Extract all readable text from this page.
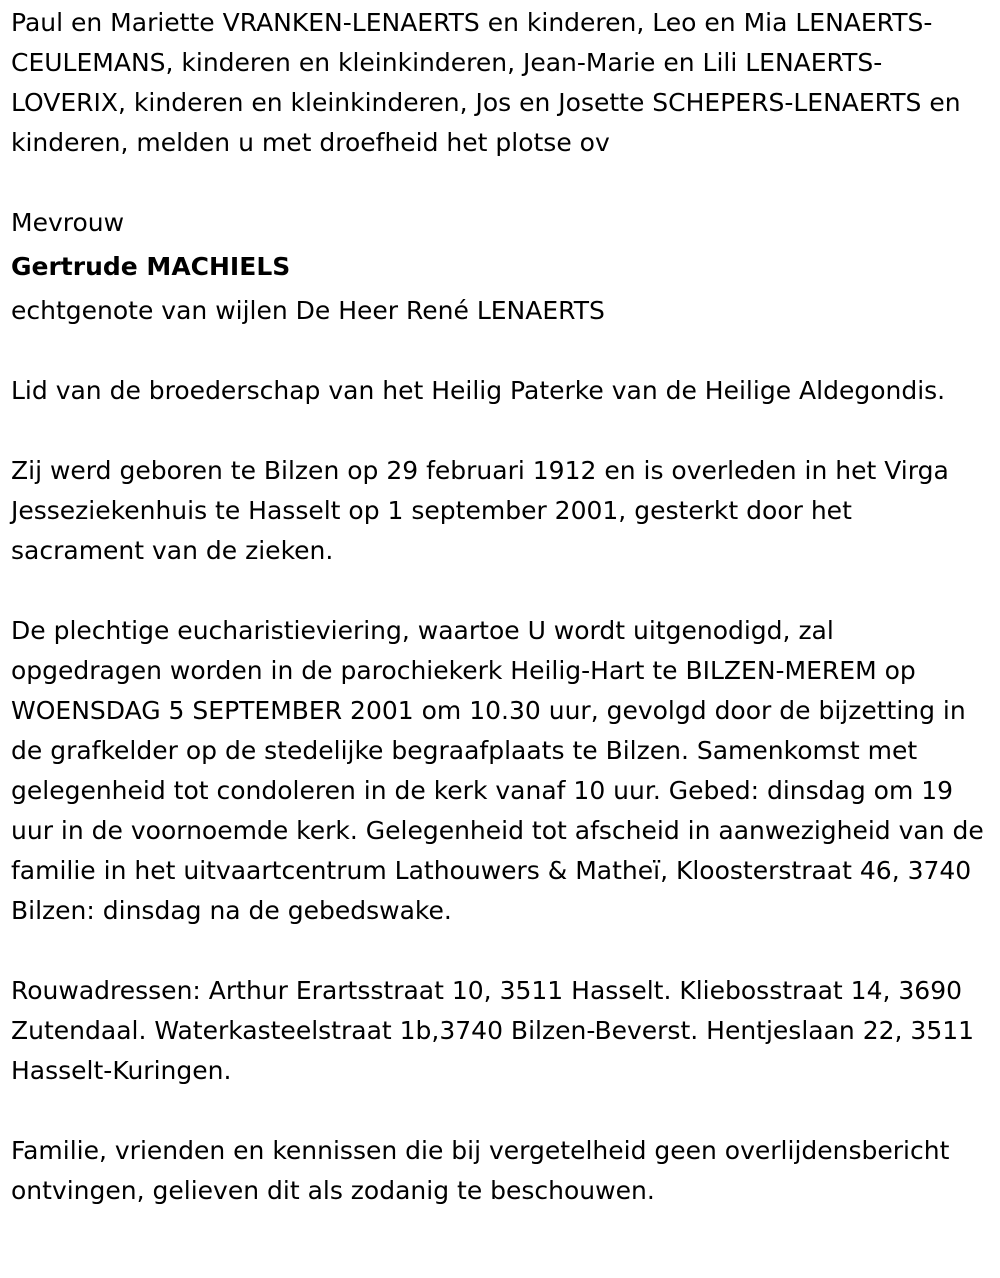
Paul en Mariette VRANKEN-LENAERTS en kinderen, Leo en Mia LENAERTS-CEULEMANS, kinderen en kleinkinderen, Jean-Marie en Lili LENAERTS-LOVERIX, kinderen en kleinkinderen, Jos en Josette SCHEPERS-LENAERTS en kinderen, melden u met droefheid het plotse ov

Mevrouw

Gertrude MACHIELS

echtgenote van wijlen De Heer René LENAERTS

Lid van de broederschap van het Heilig Paterke van de Heilige Aldegondis.

Zij werd geboren te Bilzen op 29 februari 1912 en is overleden in het Virga Jesseziekenhuis te Hasselt op 1 september 2001, gesterkt door het sacrament van de zieken.

De plechtige eucharistieviering, waartoe U wordt uitgenodigd, zal opgedragen worden in de parochiekerk Heilig-Hart te BILZEN-MEREM op WOENSDAG 5 SEPTEMBER 2001 om 10.30 uur, gevolgd door de bijzetting in de grafkelder op de stedelijke begraafplaats te Bilzen. Samenkomst met gelegenheid tot condoleren in de kerk vanaf 10 uur. Gebed: dinsdag om 19 uur in de voornoemde kerk. Gelegenheid tot afscheid in aanwezigheid van de familie in het uitvaartcentrum Lathouwers & Matheï, Kloosterstraat 46, 3740 Bilzen: dinsdag na de gebedswake.

Rouwadressen: Arthur Erartsstraat 10, 3511 Hasselt. Kliebosstraat 14, 3690 Zutendaal. Waterkasteelstraat 1b,3740 Bilzen-Beverst. Hentjeslaan 22, 3511 Hasselt-Kuringen.

Familie, vrienden en kennissen die bij vergetelheid geen overlijdensbericht ontvingen, gelieven dit als zodanig te beschouwen.
